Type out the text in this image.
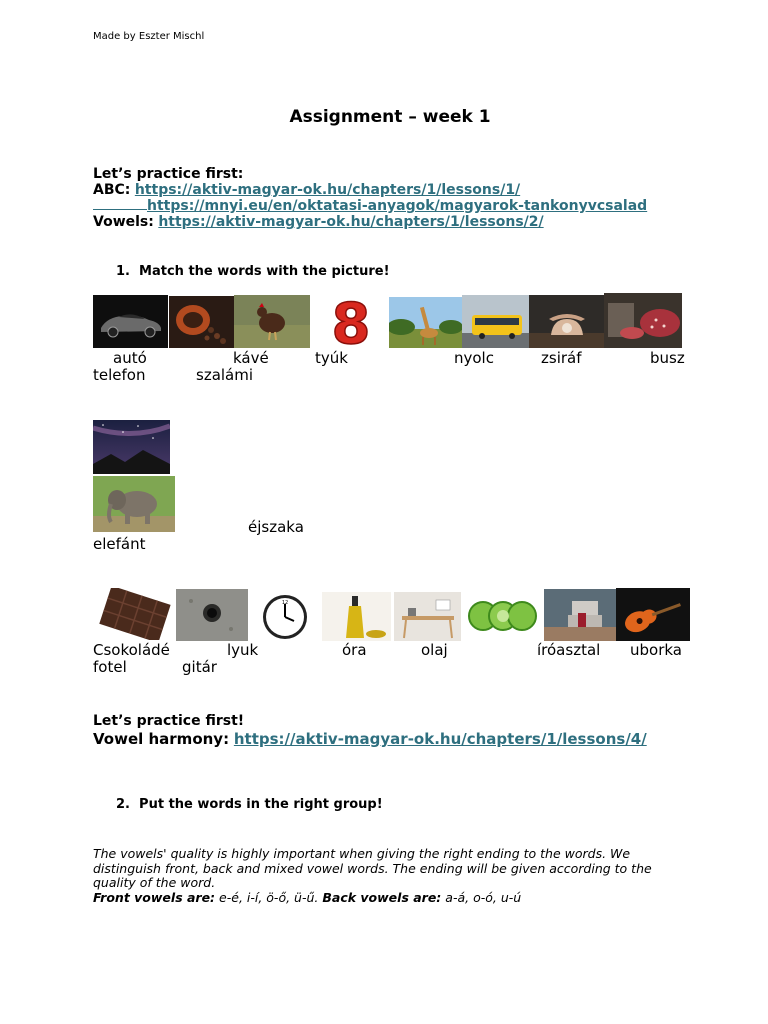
Made by Eszter Mischl
Assignment – week 1
Let’s practice first:
ABC: https://aktiv-magyar-ok.hu/chapters/1/lessons/1/
https://mnyi.eu/en/oktatasi-anyagok/magyarok-tankonyvcsalad
Vowels: https://aktiv-magyar-ok.hu/chapters/1/lessons/2/
1. Match the words with the picture!
8
autó	kávé	tyúk	nyolc	zsiráf	busz
telefon	szalámi
éjszaka
elefánt
12
Csokoládé	lyuk	óra	olaj	íróasztal uborka
fotel	gitár
Let’s practice first!
Vowel harmony: https://aktiv-magyar-ok.hu/chapters/1/lessons/4/
2. Put the words in the right group!
The vowels' quality is highly important when giving the right ending to the words. We distinguish front, back and mixed vowel words. The ending will be given according to the quality of the word.
Front vowels are: e-é, i-í, ö-ő, ü-ű. Back vowels are: a-á, o-ó, u-ú
